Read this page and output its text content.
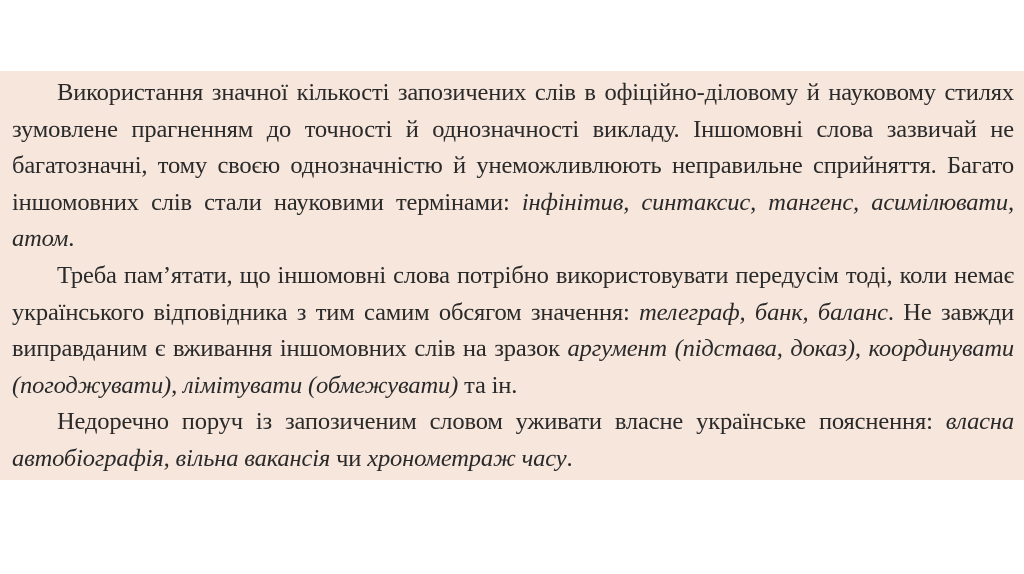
Використання значної кількості запозичених слів в офіційно-діловому й науковому стилях зумовлене прагненням до точності й однозначності викладу. Іншомовні слова зазвичай не багатозначні, тому своєю однозначністю й унеможливлюють неправильне сприйняття. Багато іншомовних слів стали науковими термінами: інфінітив, синтаксис, тангенс, асимілювати, атом.

Треба пам’ятати, що іншомовні слова потрібно використовувати передусім тоді, коли немає українського відповідника з тим самим обсягом значення: телеграф, банк, баланс. Не завжди виправданим є вживання іншомовних слів на зразок аргумент (підстава, доказ), координувати (погоджувати), лімітувати (обмежувати) та ін.

Недоречно поруч із запозиченим словом уживати власне українське пояснення: власна автобіографія, вільна вакансія чи хронометраж часу.
